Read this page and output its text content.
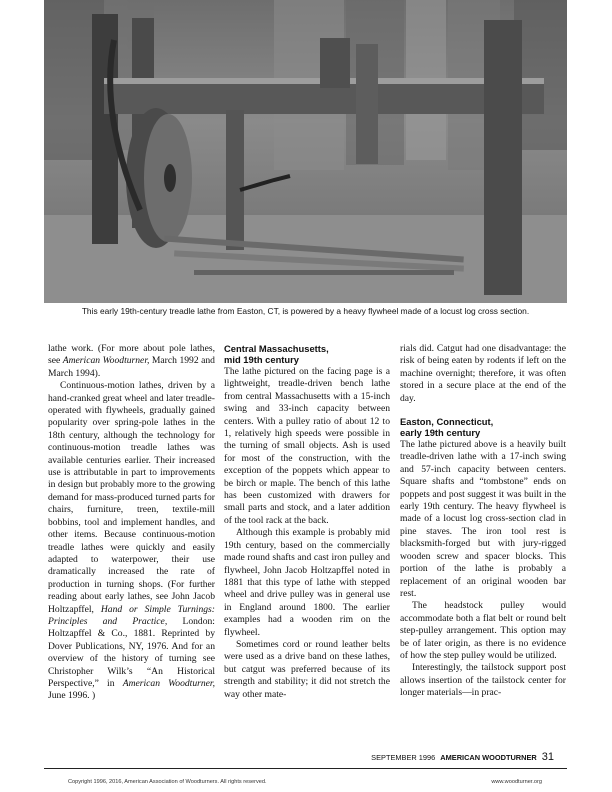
This early 19th-century treadle lathe from Easton, CT, is powered by a heavy flywheel made of a locust log cross section.

lathe work. (For more about pole lathes, see American Woodturner, March 1992 and March 1994).

Continuous-motion lathes, driven by a hand-cranked great wheel and later treadle-operated with flywheels, gradually gained popularity over spring-pole lathes in the 18th century, although the technology for continuous-motion treadle lathes was available centuries earlier. Their increased use is attributable in part to improvements in design but probably more to the growing demand for mass-produced turned parts for chairs, furniture, treen, textile-mill bobbins, tool and implement handles, and other items. Because continuous-motion treadle lathes were quickly and easily adapted to waterpower, their use dramatically increased the rate of production in turning shops. (For further reading about early lathes, see John Jacob Holtzapffel, Hand or Simple Turnings: Principles and Practice, London: Holtzapffel & Co., 1881. Reprinted by Dover Publications, NY, 1976. And for an overview of the history of turning see Christopher Wilk’s “An Historical Perspective,” in American Woodturner, June 1996. )

Central Massachusetts,
mid 19th century

The lathe pictured on the facing page is a lightweight, treadle-driven bench lathe from central Massachusetts with a 15-inch swing and 33-inch capacity between centers. With a pulley ratio of about 12 to 1, relatively high speeds were possible in the turning of small objects. Ash is used for most of the construction, with the exception of the poppets which appear to be birch or maple. The bench of this lathe has been customized with drawers for small parts and stock, and a later addition of the tool rack at the back.

Although this example is probably mid 19th century, based on the commercially made round shafts and cast iron pulley and flywheel, John Jacob Holtzapffel noted in 1881 that this type of lathe with stepped wheel and drive pulley was in general use in England around 1800. The earlier examples had a wooden rim on the flywheel.

Sometimes cord or round leather belts were used as a drive band on these lathes, but catgut was preferred because of its strength and stability; it did not stretch the way other mate-

rials did. Catgut had one disadvantage: the risk of being eaten by rodents if left on the machine overnight; therefore, it was often stored in a secure place at the end of the day.

Easton, Connecticut,
early 19th century

The lathe pictured above is a heavily built treadle-driven lathe with a 17-inch swing and 57-inch capacity between centers. Square shafts and “tombstone” ends on poppets and post suggest it was built in the early 19th century. The heavy flywheel is made of a locust log cross-section clad in pine staves. The iron tool rest is blacksmith-forged but with jury-rigged wooden screw and spacer blocks. This portion of the lathe is probably a replacement of an original wooden bar rest.

The headstock pulley would accommodate both a flat belt or round belt step-pulley arrangement. This option may be of later origin, as there is no evidence of how the step pulley would be utilized.

Interestingly, the tailstock support post allows insertion of the tailstock center for longer materials—in prac-

SEPTEMBER 1996 AMERICAN WOODTURNER 31
Copyright 1996, 2016, American Association of Woodturners. All rights reserved.	www.woodturner.org
